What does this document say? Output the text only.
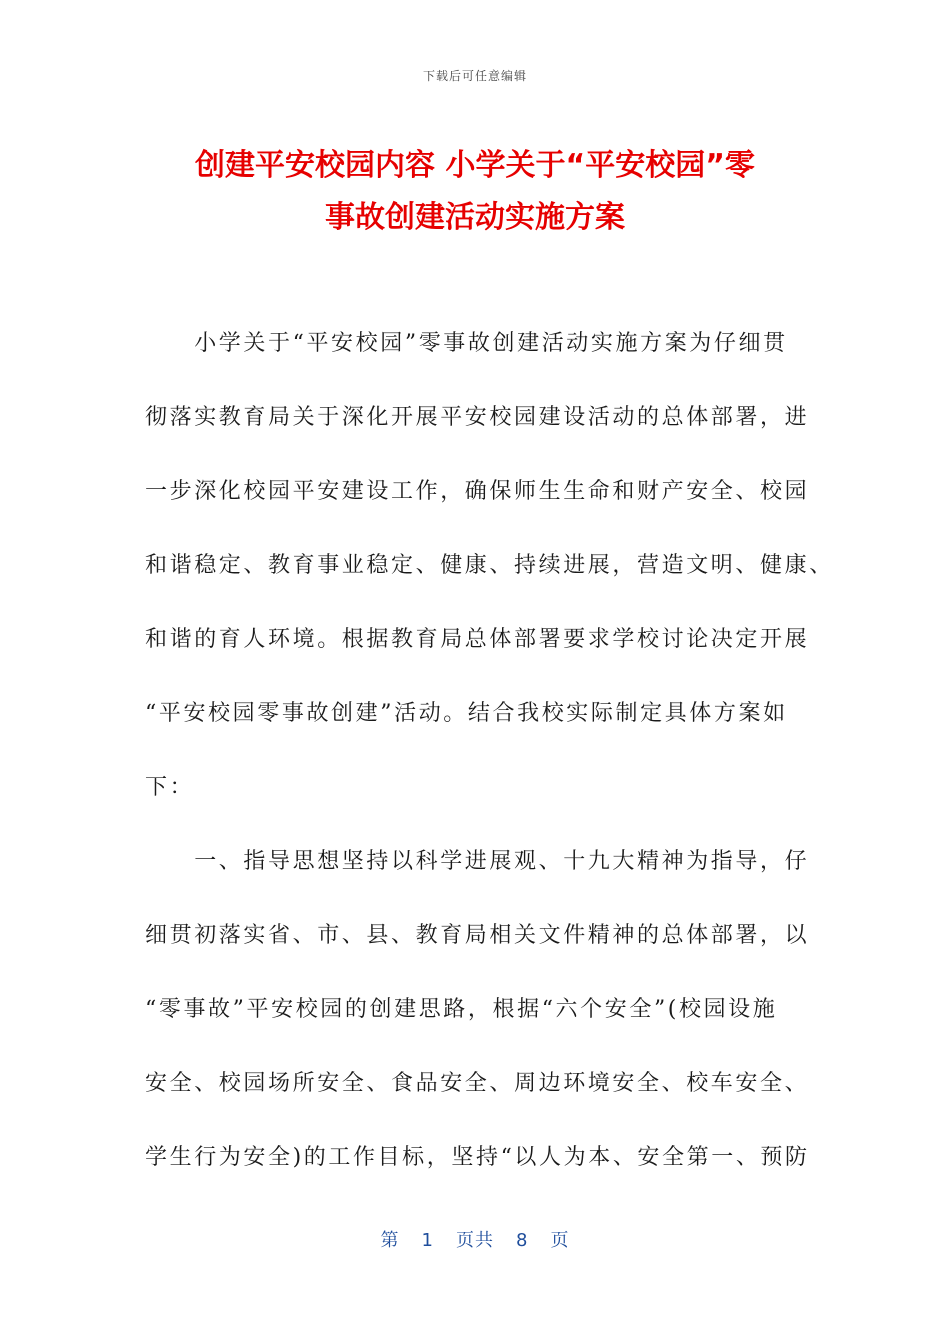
下载后可任意编辑
创建平安校园内容 小学关于“平安校园”零
事故创建活动实施方案
　　小学关于“平安校园”零事故创建活动实施方案为仔细贯
彻落实教育局关于深化开展平安校园建设活动的总体部署，进
一步深化校园平安建设工作，确保师生生命和财产安全、校园
和谐稳定、教育事业稳定、健康、持续进展，营造文明、健康、
和谐的育人环境。根据教育局总体部署要求学校讨论决定开展
“平安校园零事故创建”活动。结合我校实际制定具体方案如
下：
　　一、指导思想坚持以科学进展观、十九大精神为指导，仔
细贯初落实省、市、县、教育局相关文件精神的总体部署，以
“零事故”平安校园的创建思路，根据“六个安全”(校园设施
安全、校园场所安全、食品安全、周边环境安全、校车安全、
学生行为安全)的工作目标，坚持“以人为本、安全第一、预防
第 1 页共 8 页
